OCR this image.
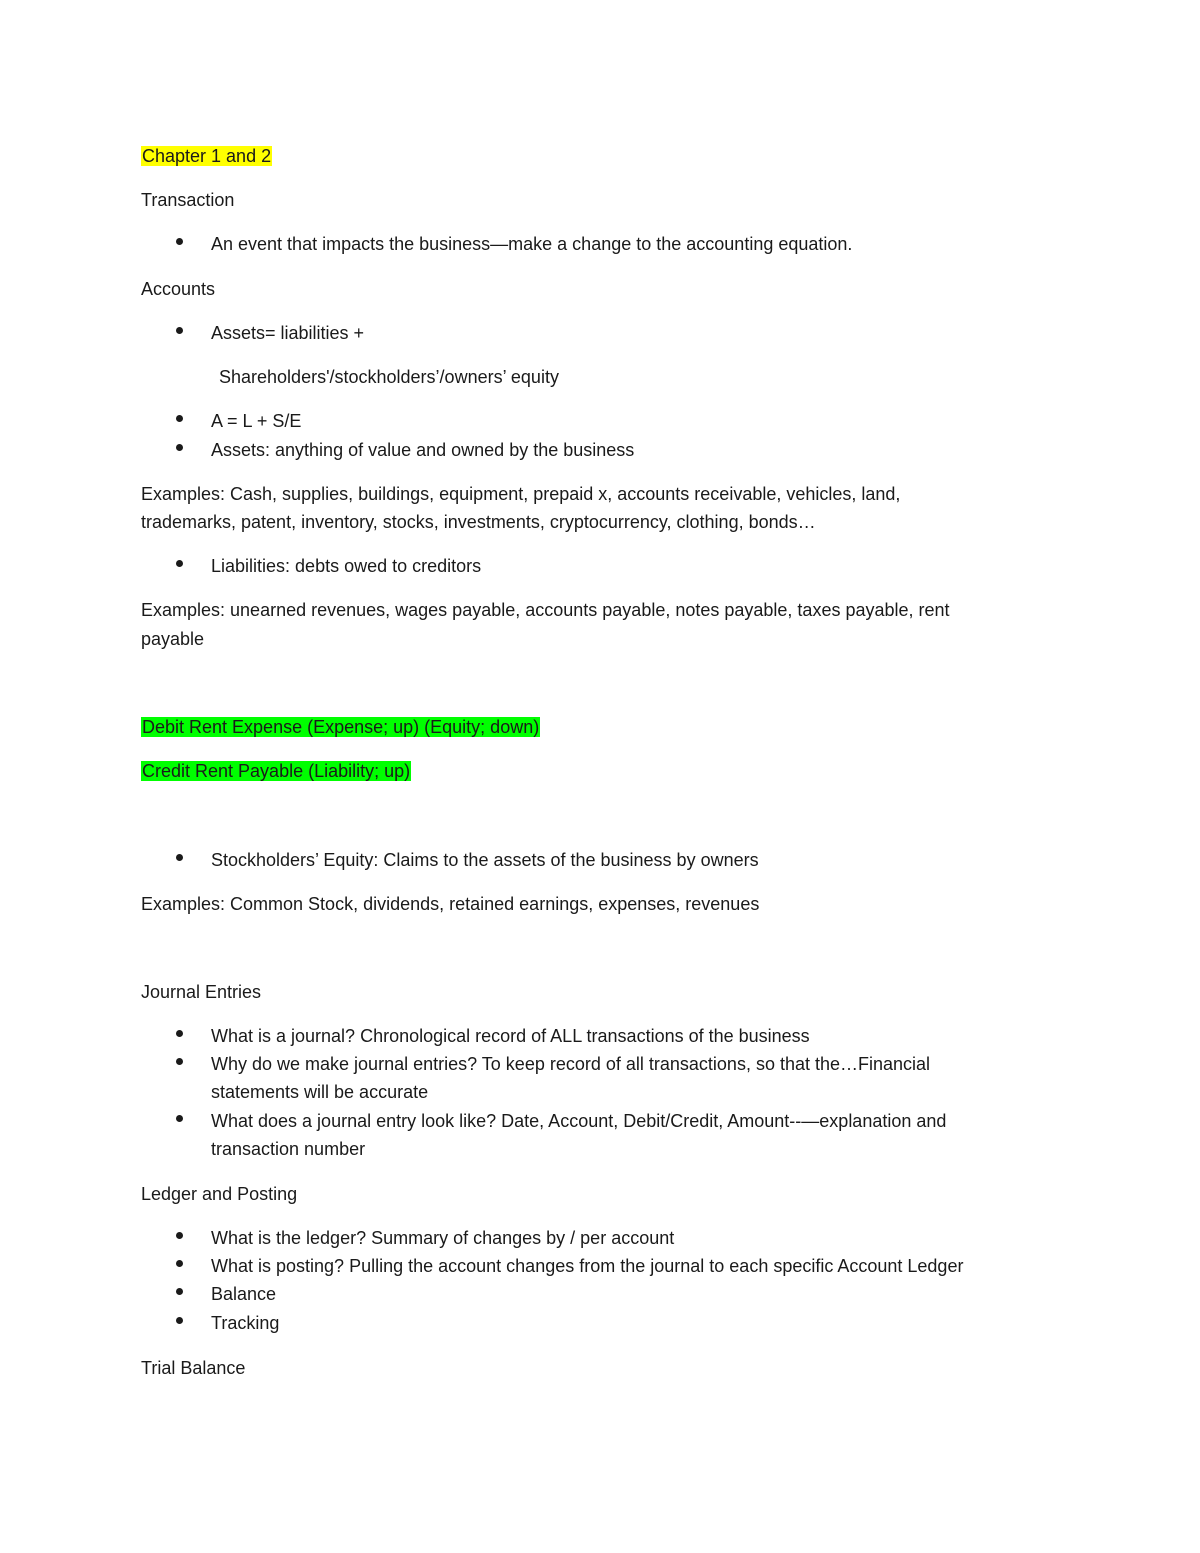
Chapter 1 and 2
Transaction
An event that impacts the business—make a change to the accounting equation.
Accounts
Assets= liabilities +
Shareholders'/stockholders’/owners’ equity
A = L + S/E
Assets: anything of value and owned by the business
Examples: Cash, supplies, buildings, equipment, prepaid x, accounts receivable, vehicles, land,
trademarks, patent, inventory, stocks, investments, cryptocurrency, clothing, bonds…
Liabilities: debts owed to creditors
Examples: unearned revenues, wages payable, accounts payable, notes payable, taxes payable, rent
payable
Debit Rent Expense (Expense; up) (Equity; down)
Credit Rent Payable (Liability; up)
Stockholders’ Equity: Claims to the assets of the business by owners
Examples: Common Stock, dividends, retained earnings, expenses, revenues
Journal Entries
What is a journal? Chronological record of ALL transactions of the business
Why do we make journal entries? To keep record of all transactions, so that the…Financial
statements will be accurate
What does a journal entry look like? Date, Account, Debit/Credit, Amount--—explanation and
transaction number
Ledger and Posting
What is the ledger? Summary of changes by / per account
What is posting? Pulling the account changes from the journal to each specific Account Ledger
Balance
Tracking
Trial Balance
